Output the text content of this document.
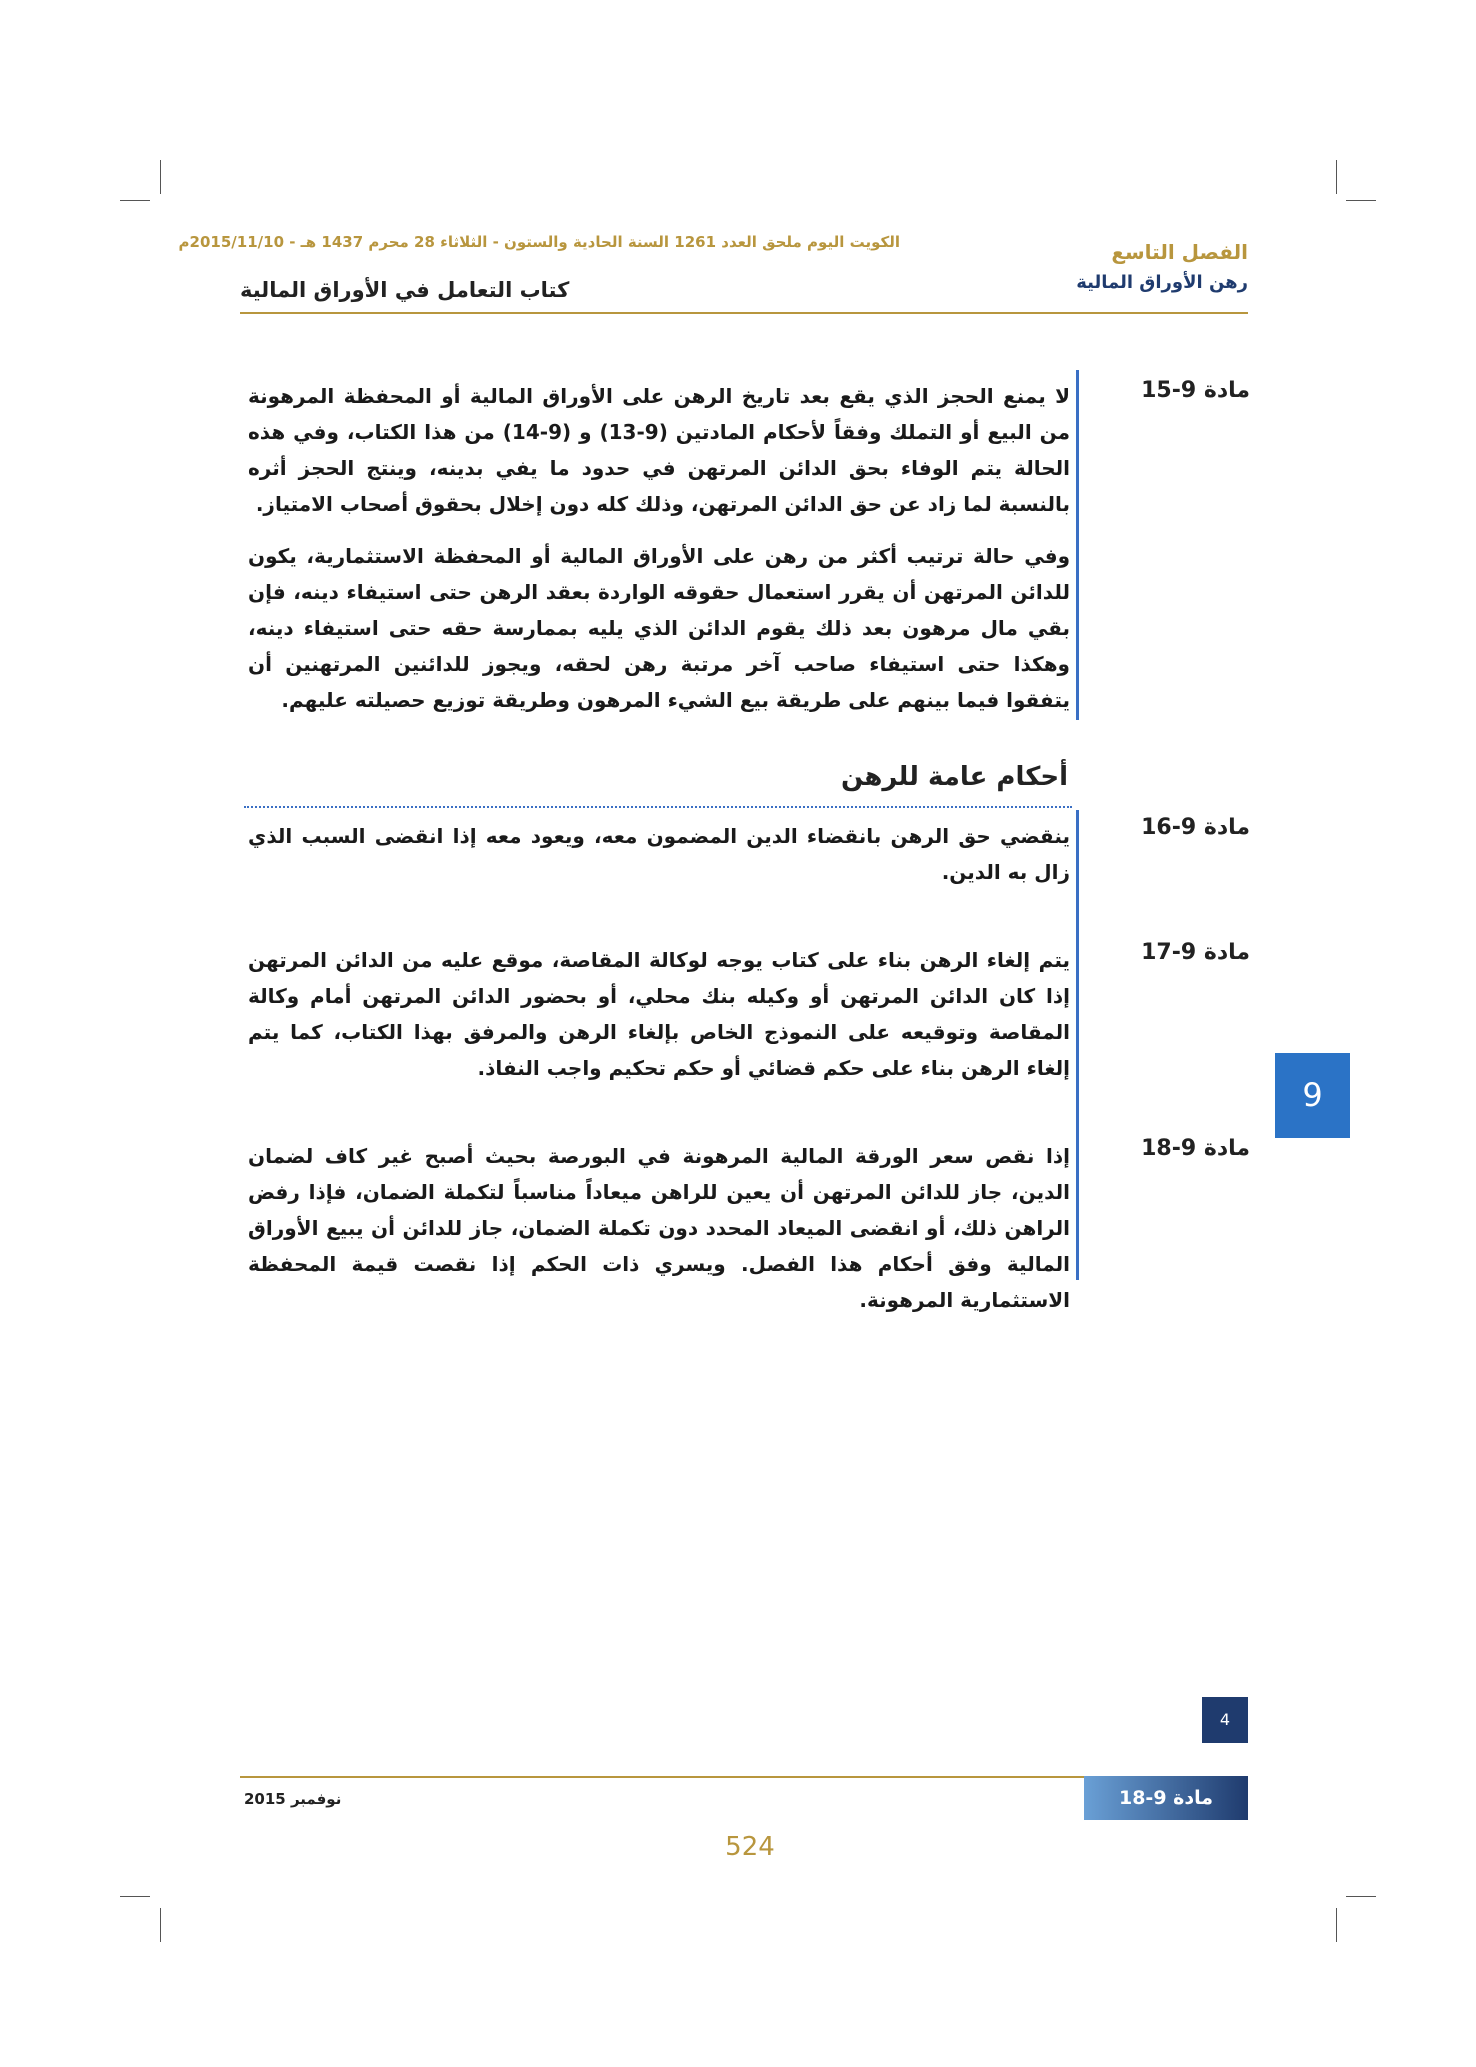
الكويت اليوم ملحق العدد 1261 السنة الحادية والستون - الثلاثاء 28 محرم 1437 هـ - 2015/11/10م
كتاب التعامل في الأوراق المالية
الفصل التاسع
رهن الأوراق المالية
مادة 9-15
لا يمنع الحجز الذي يقع بعد تاريخ الرهن على الأوراق المالية أو المحفظة المرهونة من البيع أو التملك وفقاً لأحكام المادتين (9-13) و (9-14) من هذا الكتاب، وفي هذه الحالة يتم الوفاء بحق الدائن المرتهن في حدود ما يفي بدينه، وينتج الحجز أثره بالنسبة لما زاد عن حق الدائن المرتهن، وذلك كله دون إخلال بحقوق أصحاب الامتياز.
وفي حالة ترتيب أكثر من رهن على الأوراق المالية أو المحفظة الاستثمارية، يكون للدائن المرتهن أن يقرر استعمال حقوقه الواردة بعقد الرهن حتى استيفاء دينه، فإن بقي مال مرهون بعد ذلك يقوم الدائن الذي يليه بممارسة حقه حتى استيفاء دينه، وهكذا حتى استيفاء صاحب آخر مرتبة رهن لحقه، ويجوز للدائنين المرتهنين أن يتفقوا فيما بينهم على طريقة بيع الشيء المرهون وطريقة توزيع حصيلته عليهم.
أحكام عامة للرهن
مادة 9-16
ينقضي حق الرهن بانقضاء الدين المضمون معه، ويعود معه إذا انقضى السبب الذي زال به الدين.
مادة 9-17
يتم إلغاء الرهن بناء على كتاب يوجه لوكالة المقاصة، موقع عليه من الدائن المرتهن إذا كان الدائن المرتهن أو وكيله بنك محلي، أو بحضور الدائن المرتهن أمام وكالة المقاصة وتوقيعه على النموذج الخاص بإلغاء الرهن والمرفق بهذا الكتاب، كما يتم إلغاء الرهن بناء على حكم قضائي أو حكم تحكيم واجب النفاذ.
مادة 9-18
إذا نقص سعر الورقة المالية المرهونة في البورصة بحيث أصبح غير كاف لضمان الدين، جاز للدائن المرتهن أن يعين للراهن ميعاداً مناسباً لتكملة الضمان، فإذا رفض الراهن ذلك، أو انقضى الميعاد المحدد دون تكملة الضمان، جاز للدائن أن يبيع الأوراق المالية وفق أحكام هذا الفصل. ويسري ذات الحكم إذا نقصت قيمة المحفظة الاستثمارية المرهونة.
9
4
نوفمبر 2015	مادة 9-18
524
